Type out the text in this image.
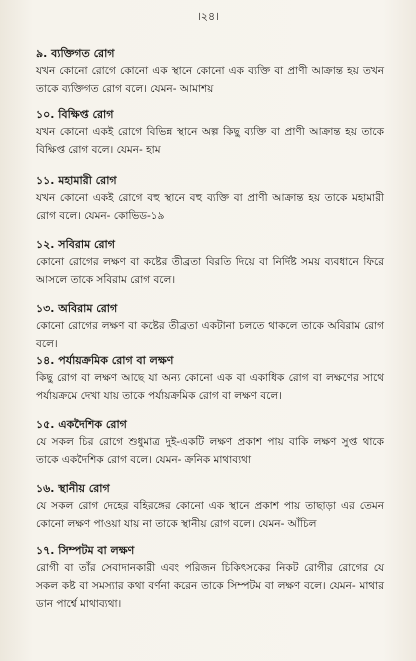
।২৪।

৯. ব্যক্তিগত রোগ

যখন কোনো রোগে কোনো এক স্থানে কোনো এক ব্যক্তি বা প্রাণী আক্রান্ত হয় তখন তাকে ব্যক্তিগত রোগ বলে। যেমন- আমাশয়

১০. বিক্ষিপ্ত রোগ

যখন কোনো একই রোগে বিভিন্ন স্থানে অল্প কিছু ব্যক্তি বা প্রাণী আক্রান্ত হয় তাকে বিক্ষিপ্ত রোগ বলে। যেমন- হাম

১১. মহামারী রোগ

যখন কোনো একই রোগে বহু স্থানে বহু ব্যক্তি বা প্রাণী আক্রান্ত হয় তাকে মহামারী রোগ বলে। যেমন- কোভিড-১৯

১২. সবিরাম রোগ

কোনো রোগের লক্ষণ বা কষ্টের তীব্রতা বিরতি দিয়ে বা নির্দিষ্ট সময় ব্যবধানে ফিরে আসলে তাকে সবিরাম রোগ বলে।

১৩. অবিরাম রোগ

কোনো রোগের লক্ষণ বা কষ্টের তীব্রতা একটানা চলতে থাকলে তাকে অবিরাম রোগ বলে।

১৪. পর্যায়ক্রমিক রোগ বা লক্ষণ

কিছু রোগ বা লক্ষণ আছে যা অন্য কোনো এক বা একাধিক রোগ বা লক্ষণের সাথে পর্যায়ক্রমে দেখা যায় তাকে পর্যায়ক্রমিক রোগ বা লক্ষণ বলে।

১৫. একদৈশিক রোগ

যে সকল চির রোগে শুধুমাত্র দুই-একটি লক্ষণ প্রকাশ পায় বাকি লক্ষণ সুপ্ত থাকে তাকে একদৈশিক রোগ বলে। যেমন- ক্রনিক মাথাব্যথা

১৬. স্থানীয় রোগ

যে সকল রোগ দেহের বহিরঙ্গের কোনো এক স্থানে প্রকাশ পায় তাছাড়া এর তেমন কোনো লক্ষণ পাওয়া যায় না তাকে স্থানীয় রোগ বলে। যেমন- আঁচিল

১৭. সিম্পটম বা লক্ষণ

রোগী বা তাঁর সেবাদানকারী এবং পরিজন চিকিৎসকের নিকট রোগীর রোগের যে সকল কষ্ট বা সমস্যার কথা বর্ণনা করেন তাকে সিম্পটম বা লক্ষণ বলে। যেমন- মাথার ডান পার্শ্বে মাথাব্যথা।
